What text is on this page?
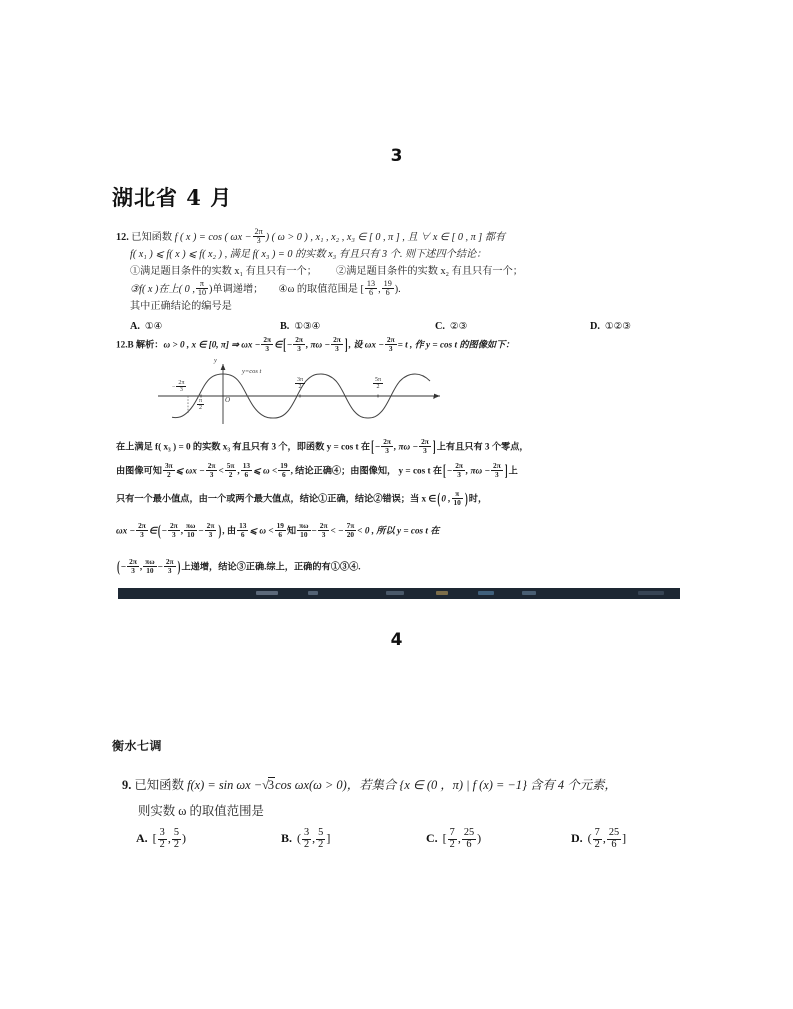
3
湖北省 4 月
12. 已知函数 f ( x ) = cos ( $\omega x - \frac{2\pi}{3}$ ) ( ω > 0 ) , x₁ , x₂ , x₃ ∈ [ 0 , π ] , 且 ∀ x ∈ [ 0 , π ] 都有
f( x₁ ) ⩽ f( x ) ⩽ f( x₂ ) , 满足 f( x₃ ) = 0 的实数 x₃ 有且只有 3 个. 则下述四个结论：
①满足题目条件的实数 x₁ 有且只有一个； ②满足题目条件的实数 x₂ 有且只有一个；
③f( x )在上( 0 , $\frac{\pi}{10}$ )单调递增； ④ω 的取值范围是 [ $\frac{13}{6}$ , $\frac{19}{6}$ ).
其中正确结论的编号是
A. ①④	B. ①③④	C. ②③	D. ①②③
12.B 解析：ω > 0 , x ∈ [0, π] ⇒ $\omega x - \frac{2\pi}{3}$ ∈[− $\frac{2\pi}{3}$ , $\pi\omega - \frac{2\pi}{3}$ ], 设 $\omega x - \frac{2\pi}{3} = t$ , 作 y = cos t 的图像如下：
y
t
O
y=cos t
− $\frac{2\pi}{3}$
$\frac{\pi}{2}$
$\frac{3\pi}{2}$	$\frac{5\pi}{2}$
在上满足 f( x₃ ) = 0 的实数 x₃ 有且只有 3 个，即函数 y = cos t 在[− $\frac{2\pi}{3}$ , $\pi\omega - \frac{2\pi}{3}$ ]上有且只有 3 个零点，
由图像可知 $\frac{3\pi}{2}$ ⩽ $\omega x - \frac{2\pi}{3} < \frac{5\pi}{2}$ , $\frac{13}{6}$ ⩽ $\omega < \frac{19}{6}$ , 结论正确④；由图像知， y = cos t 在[− $\frac{2\pi}{3}$ , $\pi\omega - \frac{2\pi}{3}$ ]上
只有一个最小值点，由一个或两个最大值点，结论①正确，结论②错误；当 x ∈(0 , $\frac{\pi}{10}$ )时，
$\omega x - \frac{2\pi}{3}$ ∈(− $\frac{2\pi}{3}$ , $\frac{\pi\omega}{10} - \frac{2\pi}{3}$ ), 由 $\frac{13}{6}$ ⩽ $\omega < \frac{19}{6}$ 知 $\frac{\pi\omega}{10} - \frac{2\pi}{3}$ < − $\frac{7\pi}{20} < 0$ , 所以 y = cos t 在
(− $\frac{2\pi}{3}$ , $\frac{\pi\omega}{10} - \frac{2\pi}{3}$ )上递增，结论③正确.综上，正确的有①③④.
4
衡水七调
9. 已知函数 f(x) = sin ωx −√3cos ωx(ω > 0)，若集合 {x ∈ (0 ，π) | f (x) = −1} 含有 4 个元素，
则实数 ω 的取值范围是
A. [ $\frac{3}{2}$ , $\frac{5}{2}$ )	B. ( $\frac{3}{2}$ , $\frac{5}{2}$ ]	C. [ $\frac{7}{2}$ , $\frac{25}{6}$ )	D. ( $\frac{7}{2}$ , $\frac{25}{6}$ ]
